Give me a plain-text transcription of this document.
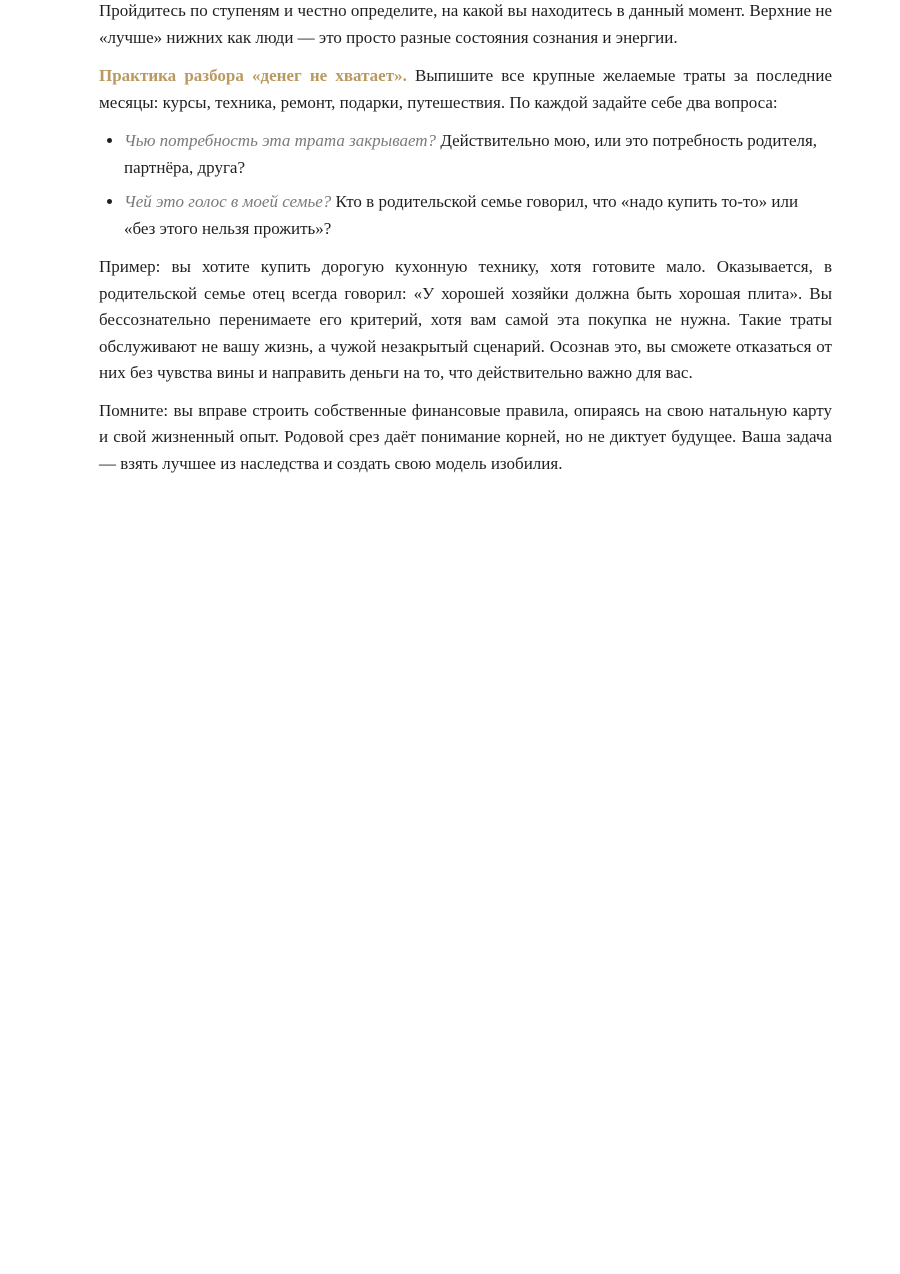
Пройдитесь по ступеням и честно определите, на какой вы находитесь в данный момент. Верхние не «лучше» нижних как люди — это просто разные состояния сознания и энергии.

Практика разбора «денег не хватает». Выпишите все крупные желаемые траты за последние месяцы: курсы, техника, ремонт, подарки, путешествия. По каждой задайте себе два вопроса:

• Чью потребность эта трата закрывает? Действительно мою, или это потребность родителя, партнёра, друга?
• Чей это голос в моей семье? Кто в родительской семье говорил, что «надо купить то-то» или «без этого нельзя прожить»?

Пример: вы хотите купить дорогую кухонную технику, хотя готовите мало. Оказывается, в родительской семье отец всегда говорил: «У хорошей хозяйки должна быть хорошая плита». Вы бессознательно перенимаете его критерий, хотя вам самой эта покупка не нужна. Такие траты обслуживают не вашу жизнь, а чужой незакрытый сценарий. Осознав это, вы сможете отказаться от них без чувства вины и направить деньги на то, что действительно важно для вас.

Помните: вы вправе строить собственные финансовые правила, опираясь на свою натальную карту и свой жизненный опыт. Родовой срез даёт понимание корней, но не диктует будущее. Ваша задача — взять лучшее из наследства и создать свою модель изобилия.
